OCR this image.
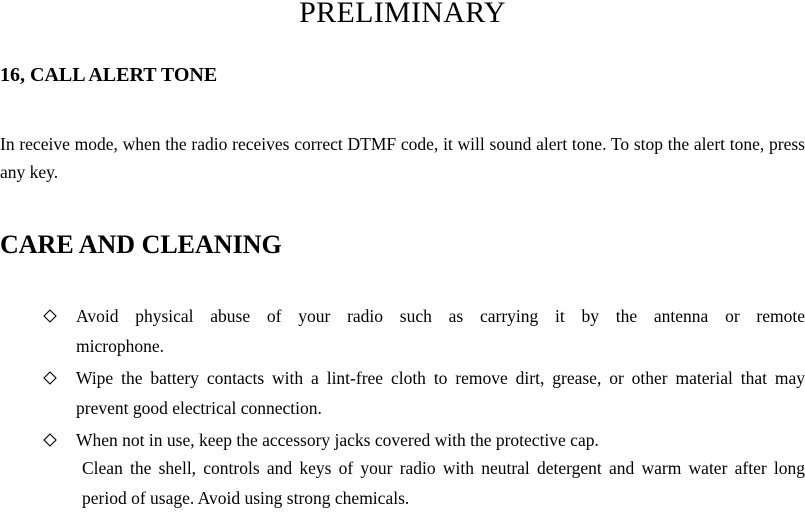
PRELIMINARY
16, CALL ALERT TONE
In receive mode, when the radio receives correct DTMF code, it will sound alert tone. To stop the alert tone, press any key.
CARE AND CLEANING
Avoid physical abuse of your radio such as carrying it by the antenna or remote microphone.
Wipe the battery contacts with a lint-free cloth to remove dirt, grease, or other material that may prevent good electrical connection.
When not in use, keep the accessory jacks covered with the protective cap.
Clean the shell, controls and keys of your radio with neutral detergent and warm water after long period of usage. Avoid using strong chemicals.
